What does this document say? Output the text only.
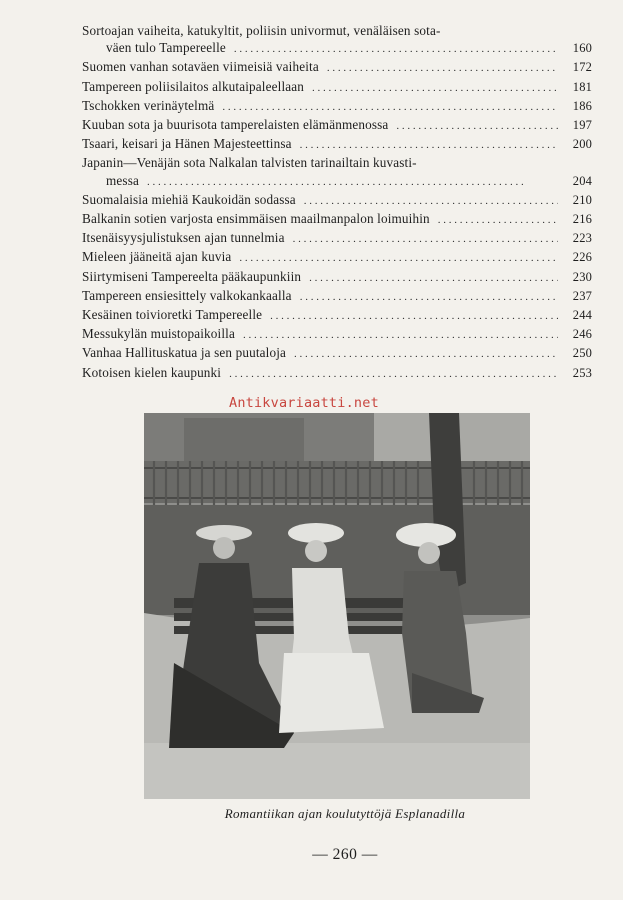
Sortoajan vaiheita, katukyltit, poliisin univormut, venäläisen sota-
väen tulo Tampereelle . . .	160
Suomen vanhan sotaväen viimeisiä vaiheita . . .	172
Tampereen poliisilaitos alkutaipaleellaan . . .	181
Tschokken verinäytelmä . . .	186
Kuuban sota ja buurisota tamperelaisten elämänmenossa . . .	197
Tsaari, keisari ja Hänen Majesteettinsa . . .	200
Japanin—Venäjän sota Nalkalan talvisten tarinailtain kuvasti-
messa . . .	204
Suomalaisia miehiä Kaukoidän sodassa . . .	210
Balkanin sotien varjosta ensimmäisen maailmanpalon loimuihin . . .	216
Itsenäisyysjulistuksen ajan tunnelmia . . .	223
Mieleen jääneitä ajan kuvia . . .	226
Siirtymiseni Tampereelta pääkaupunkiin . . .	230
Tampereen ensiesittely valkokankaalla . . .	237
Kesäinen toivioretki Tampereelle . . .	244
Messukylän muistopaikoilla . . .	246
Vanhaa Hallituskatua ja sen puutaloja . . .	250
Kotoisen kielen kaupunki . . .	253
Antikvariaatti.net
Romantiikan ajan koulutyttöjä Esplanadilla
— 260 —
